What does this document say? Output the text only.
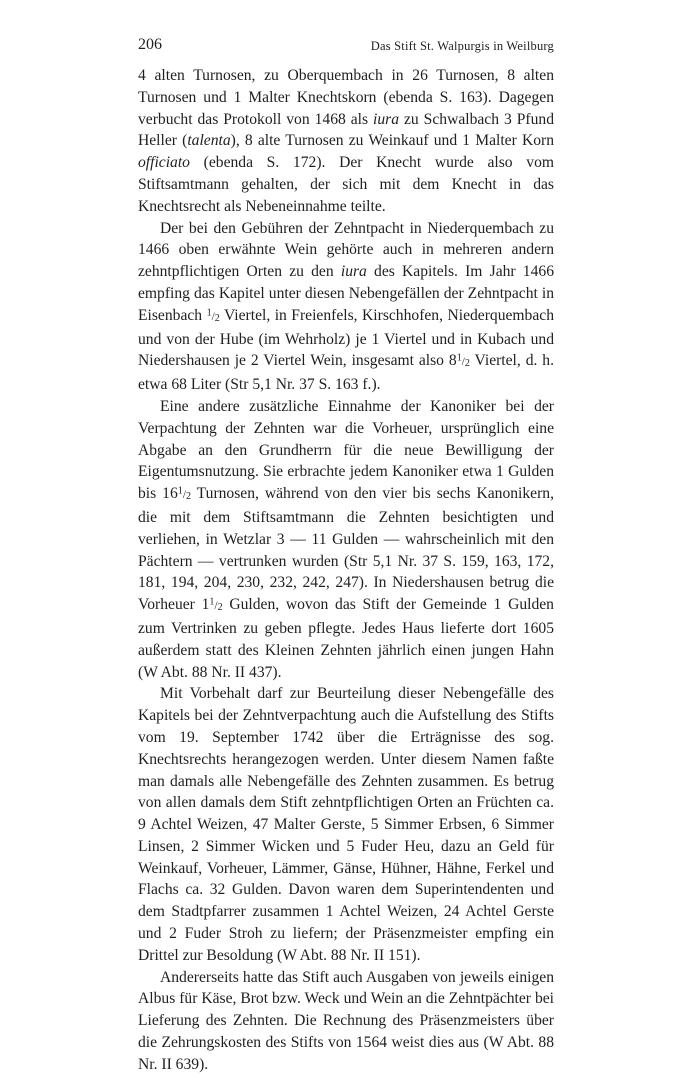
206	Das Stift St. Walpurgis in Weilburg

4 alten Turnosen, zu Oberquembach in 26 Turnosen, 8 alten Turnosen und 1 Malter Knechtskorn (ebenda S. 163). Dagegen verbucht das Protokoll von 1468 als iura zu Schwalbach 3 Pfund Heller (talenta), 8 alte Turnosen zu Weinkauf und 1 Malter Korn officiato (ebenda S. 172). Der Knecht wurde also vom Stiftsamtmann gehalten, der sich mit dem Knecht in das Knechtsrecht als Nebeneinnahme teilte.

Der bei den Gebühren der Zehntpacht in Niederquembach zu 1466 oben erwähnte Wein gehörte auch in mehreren andern zehntpflichtigen Orten zu den iura des Kapitels. Im Jahr 1466 empfing das Kapitel unter diesen Nebengefällen der Zehntpacht in Eisenbach $^1/_2$ Viertel, in Freienfels, Kirschhofen, Niederquembach und von der Hube (im Wehrholz) je 1 Viertel und in Kubach und Niedershausen je 2 Viertel Wein, insgesamt also $8^1/_2$ Viertel, d. h. etwa 68 Liter (Str 5,1 Nr. 37 S. 163 f.).

Eine andere zusätzliche Einnahme der Kanoniker bei der Verpachtung der Zehnten war die Vorheuer, ursprünglich eine Abgabe an den Grundherrn für die neue Bewilligung der Eigentumsnutzung. Sie erbrachte jedem Kanoniker etwa 1 Gulden bis $16^1/_2$ Turnosen, während von den vier bis sechs Kanonikern, die mit dem Stiftsamtmann die Zehnten besichtigten und verliehen, in Wetzlar 3 — 11 Gulden — wahrscheinlich mit den Pächtern — vertrunken wurden (Str 5,1 Nr. 37 S. 159, 163, 172, 181, 194, 204, 230, 232, 242, 247). In Niedershausen betrug die Vorheuer $1^1/_2$ Gulden, wovon das Stift der Gemeinde 1 Gulden zum Vertrinken zu geben pflegte. Jedes Haus lieferte dort 1605 außerdem statt des Kleinen Zehnten jährlich einen jungen Hahn (W Abt. 88 Nr. II 437).

Mit Vorbehalt darf zur Beurteilung dieser Nebengefälle des Kapitels bei der Zehntverpachtung auch die Aufstellung des Stifts vom 19. September 1742 über die Erträgnisse des sog. Knechtsrechts herangezogen werden. Unter diesem Namen faßte man damals alle Nebengefälle des Zehnten zusammen. Es betrug von allen damals dem Stift zehntpflichtigen Orten an Früchten ca. 9 Achtel Weizen, 47 Malter Gerste, 5 Simmer Erbsen, 6 Simmer Linsen, 2 Simmer Wicken und 5 Fuder Heu, dazu an Geld für Weinkauf, Vorheuer, Lämmer, Gänse, Hühner, Hähne, Ferkel und Flachs ca. 32 Gulden. Davon waren dem Superintendenten und dem Stadtpfarrer zusammen 1 Achtel Weizen, 24 Achtel Gerste und 2 Fuder Stroh zu liefern; der Präsenzmeister empfing ein Drittel zur Besoldung (W Abt. 88 Nr. II 151).

Andererseits hatte das Stift auch Ausgaben von jeweils einigen Albus für Käse, Brot bzw. Weck und Wein an die Zehntpächter bei Lieferung des Zehnten. Die Rechnung des Präsenzmeisters über die Zehrungskosten des Stifts von 1564 weist dies aus (W Abt. 88 Nr. II 639).
